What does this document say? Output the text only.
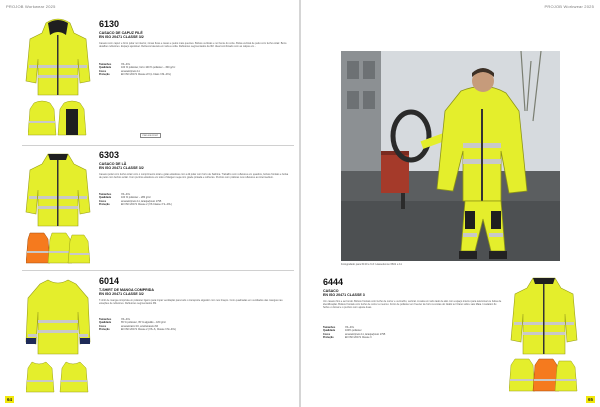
PROJOB Workwear 2025
6130
CASACO DE CAPUZ FILÉ
EN ISO 20471 CLASSE 3/2
Casaco com capuz e forro polar no interior, zonas fixas e cavas e pelos mais quentes. Bolsos verticais e no frente do corte. Bolsa vertical de peito com fecho éclair. Bons detalhes refletores. Espaço ajustável. Reflexos laterais em toda a volta. Refletores segmentados da 3M. Ideal combinado com as calças em...
Tamanhos	XS–4XL
Qualidade	100 % poliéster, forro 100 % poliéster – 300 g/m²
Cores	amarelo/preto 11
Proteção	EN ISO 20471 Classe 2/3 (L Class 3 M–4XL)
PROJOB PORT
6303
CASACO DE LÃ
EN ISO 20471 CLASSE 3/2
Casaco polar com fecho éclair com o comprimento total e golas elásticas com a lã polar com forro de Sabrina. Trabalho com refletores em quadros, bolsos frontais e bolsa de peito com fechos éclair. Com punhos elásticos em todo o Margem seja com grade pintada e colherés. Punhos com práticas nos refletores ao intermedium.
Tamanhos	XS–4XL
Qualidade	100 % poliéster – 280 g/m²
Cores	amarelo/preto 11, laranja/preto 1795
Proteção	EN ISO 20471 Classe 2 (XS Classe 3 S–4XL)
6014
T-SHIRT DE MANGA COMPRIDA
EN ISO 20471 CLASSE 3/2
T-shirt de manga comprida em poliéster ligeiro para impar ventilação para todo o transporte alguidor com nos braços. Com quadradas em ventilados das mangas nas estações de refletores. Refletores segmentados 3M.
Tamanhos	XS–4XL
Qualidade	65 % poliéster, 35 % algodão – 180 g/m²
Cores	amarelo/azul 16, azul/amarelo 66
Proteção	EN ISO 20471 Classe 2 (XS–S, Classe 3 M–4XL)
64
PROJOB Workwear 2025
Fotografado para 6130 e 6-6: Hasselsmoo 6601 e 11
6444
CASACO
EN ISO 20471 CLASSE 3
Um casaco fino e ao fundo. Bolsos frontais com fecho de correr e vermelho, vertical. A cada um todo lado de alto com espaço interno para telemóvel ou bolsa de identificação. Bolsos frontais com fecho de correr a mesmo. Forro de poliéster em freezer de forro à costas do Giallo ter Clano sobre sais Maia. Insulation fix. Sobre o dorsal e o punhos com ajuste duas.
Tamanhos	XS–4XL
Qualidade	100% poliéster
Cores	amarelo/preto 11, laranja/preto 1795
Proteção	EN ISO 20471 Classe 3
65
